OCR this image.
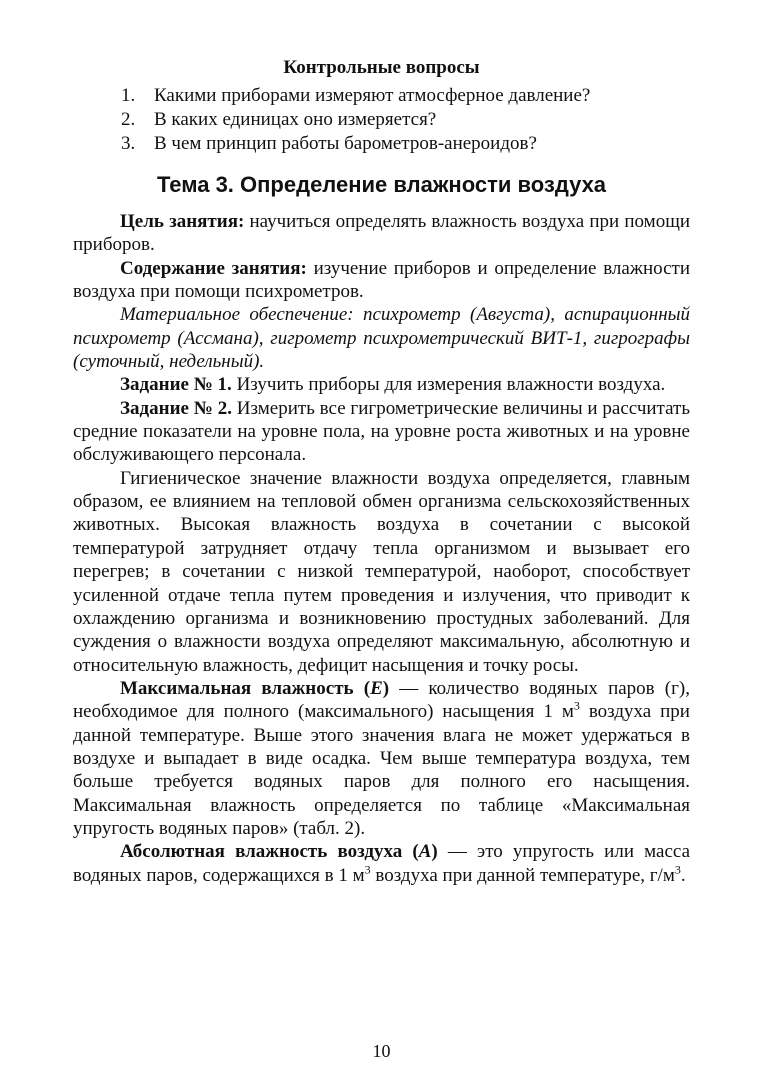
Контрольные вопросы
1. Какими приборами измеряют атмосферное давление?
2. В каких единицах оно измеряется?
3. В чем принцип работы барометров-анероидов?
Тема 3. Определение влажности воздуха

Цель занятия: научиться определять влажность воздуха при помощи приборов.

Содержание занятия: изучение приборов и определение влажности воздуха при помощи психрометров.

Материальное обеспечение: психрометр (Августа), аспирационный психрометр (Ассмана), гигрометр психрометрический ВИТ-1, гигрографы (суточный, недельный).

Задание № 1. Изучить приборы для измерения влажности воздуха.

Задание № 2. Измерить все гигрометрические величины и рассчитать средние показатели на уровне пола, на уровне роста животных и на уровне обслуживающего персонала.

Гигиеническое значение влажности воздуха определяется, главным образом, ее влиянием на тепловой обмен организма сельскохозяйственных животных. Высокая влажность воздуха в сочетании с высокой температурой затрудняет отдачу тепла организмом и вызывает его перегрев; в сочетании с низкой температурой, наоборот, способствует усиленной отдаче тепла путем проведения и излучения, что приводит к охлаждению организма и возникновению простудных заболеваний. Для суждения о влажности воздуха определяют максимальную, абсолютную и относительную влажность, дефицит насыщения и точку росы.

Максимальная влажность (E) — количество водяных паров (г), необходимое для полного (максимального) насыщения 1 $м^3$ воздуха при данной температуре. Выше этого значения влага не может удержаться в воздухе и выпадает в виде осадка. Чем выше температура воздуха, тем больше требуется водяных паров для полного его насыщения. Максимальная влажность определяется по таблице «Максимальная упругость водяных паров» (табл. 2).

Абсолютная влажность воздуха (A) — это упругость или масса водяных паров, содержащихся в 1 $м^3$ воздуха при данной температуре, $г/м^3$.

10
